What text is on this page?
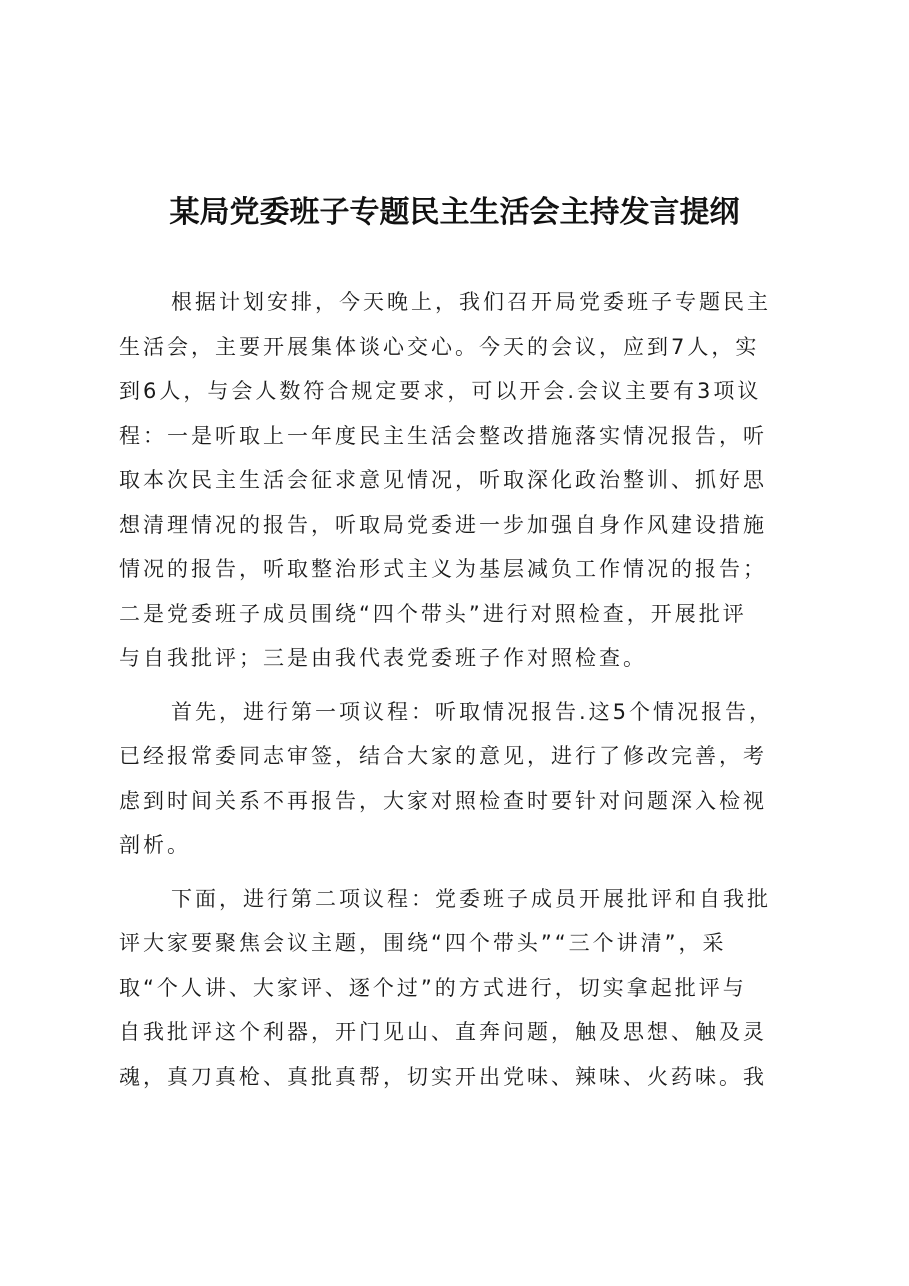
某局党委班子专题民主生活会主持发言提纲
根据计划安排，今天晚上，我们召开局党委班子专题民主
生活会，主要开展集体谈心交心。今天的会议，应到7人，实
到6人，与会人数符合规定要求，可以开会.会议主要有3项议
程：一是听取上一年度民主生活会整改措施落实情况报告，听
取本次民主生活会征求意见情况，听取深化政治整训、抓好思
想清理情况的报告，听取局党委进一步加强自身作风建设措施
情况的报告，听取整治形式主义为基层减负工作情况的报告；
二是党委班子成员围绕“四个带头”进行对照检查，开展批评
与自我批评；三是由我代表党委班子作对照检查。
首先，进行第一项议程：听取情况报告.这5个情况报告，
已经报常委同志审签，结合大家的意见，进行了修改完善，考
虑到时间关系不再报告，大家对照检查时要针对问题深入检视
剖析。
下面，进行第二项议程：党委班子成员开展批评和自我批
评大家要聚焦会议主题，围绕“四个带头”“三个讲清”，采
取“个人讲、大家评、逐个过”的方式进行，切实拿起批评与
自我批评这个利器，开门见山、直奔问题，触及思想、触及灵
魂，真刀真枪、真批真帮，切实开出党味、辣味、火药味。我
